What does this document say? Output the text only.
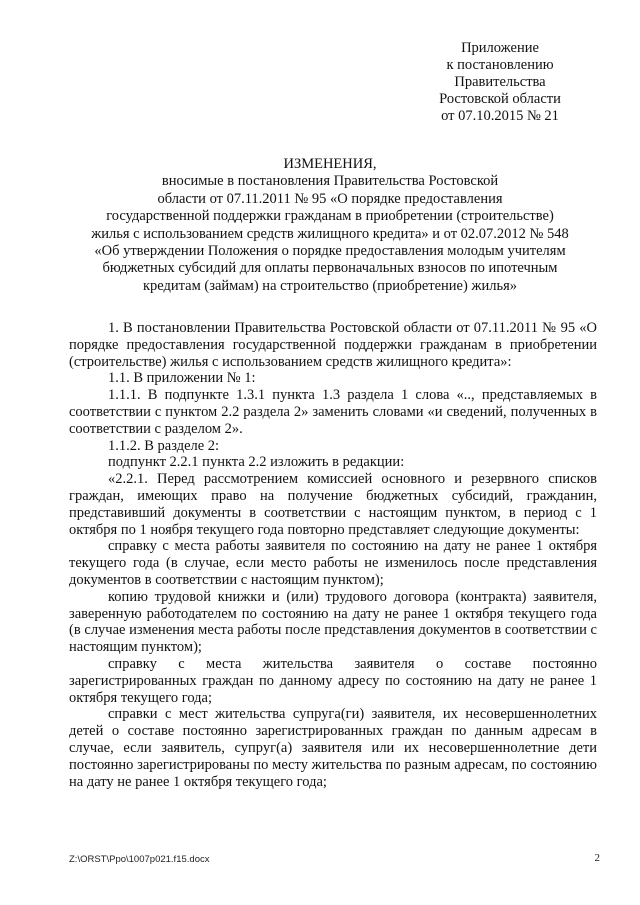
Приложение
к постановлению
Правительства
Ростовской области
от 07.10.2015 № 21
ИЗМЕНЕНИЯ,
вносимые в постановления Правительства Ростовской
области от 07.11.2011 № 95 «О порядке предоставления
государственной поддержки гражданам в приобретении (строительстве)
жилья с использованием средств жилищного кредита» и от 02.07.2012 № 548
«Об утверждении Положения о порядке предоставления молодым учителям
бюджетных субсидий для оплаты первоначальных взносов по ипотечным
кредитам (займам) на строительство (приобретение) жилья»

1. В постановлении Правительства Ростовской области от 07.11.2011 № 95 «О порядке предоставления государственной поддержки гражданам в приобретении (строительстве) жилья с использованием средств жилищного кредита»:

1.1. В приложении № 1:

1.1.1. В подпункте 1.3.1 пункта 1.3 раздела 1 слова «.., представляемых в соответствии с пунктом 2.2 раздела 2» заменить словами «и сведений, полученных в соответствии с разделом 2».

1.1.2. В разделе 2:

подпункт 2.2.1 пункта 2.2 изложить в редакции:

«2.2.1. Перед рассмотрением комиссией основного и резервного списков граждан, имеющих право на получение бюджетных субсидий, гражданин, представивший документы в соответствии с настоящим пунктом, в период с 1 октября по 1 ноября текущего года повторно представляет следующие документы:

справку с места работы заявителя по состоянию на дату не ранее 1 октября текущего года (в случае, если место работы не изменилось после представления документов в соответствии с настоящим пунктом);

копию трудовой книжки и (или) трудового договора (контракта) заявителя, заверенную работодателем по состоянию на дату не ранее 1 октября текущего года (в случае изменения места работы после представления документов в соответствии с настоящим пунктом);

справку с места жительства заявителя о составе постоянно зарегистрированных граждан по данному адресу по состоянию на дату не ранее 1 октября текущего года;

справки с мест жительства супруга(ги) заявителя, их несовершеннолетних детей о составе постоянно зарегистрированных граждан по данным адресам в случае, если заявитель, супруг(а) заявителя или их несовершеннолетние дети постоянно зарегистрированы по месту жительства по разным адресам, по состоянию на дату не ранее 1 октября текущего года;

Z:\ORST\Ppo\1007p021.f15.docx	2
